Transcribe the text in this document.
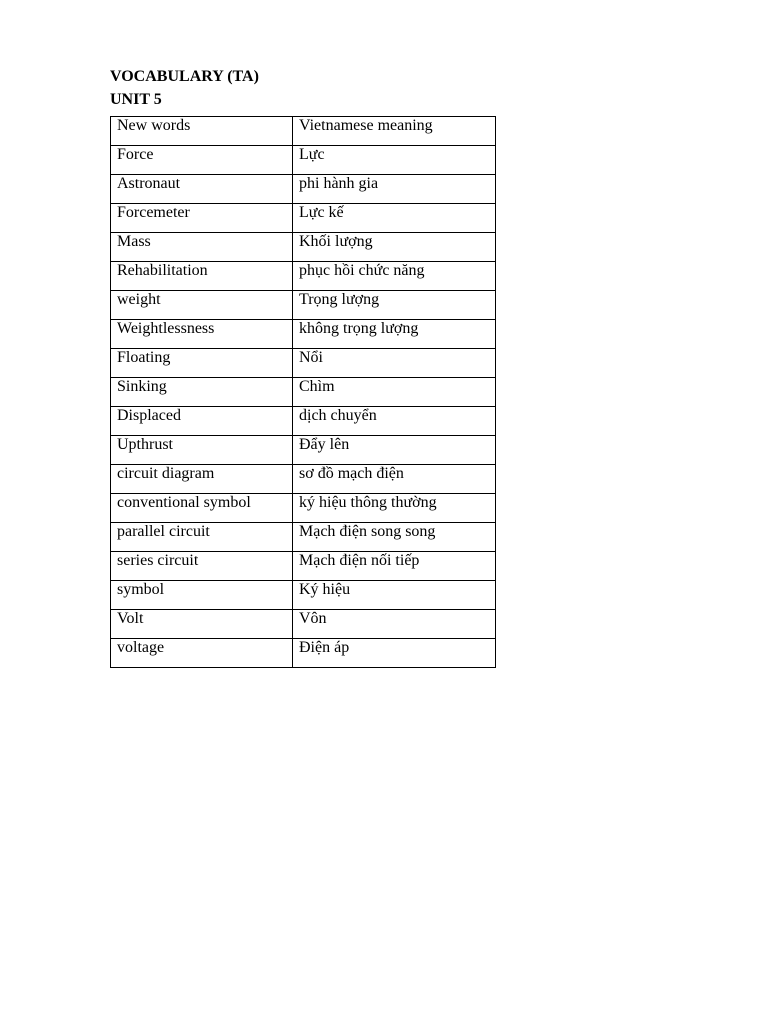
VOCABULARY (TA)
UNIT 5
New words	Vietnamese meaning

Force	Lực

Astronaut	phi hành gia

Forcemeter	Lực kế

Mass	Khối lượng

Rehabilitation	phục hồi chức năng

weight	Trọng lượng

Weightlessness	không trọng lượng

Floating	Nổi

Sinking	Chìm

Displaced	dịch chuyển

Upthrust	Đẩy lên

circuit diagram	sơ đồ mạch điện

conventional symbol	ký hiệu thông thường

parallel circuit	Mạch điện song song

series circuit	Mạch điện nối tiếp

symbol	Ký hiệu

Volt	Vôn

voltage	Điện áp
